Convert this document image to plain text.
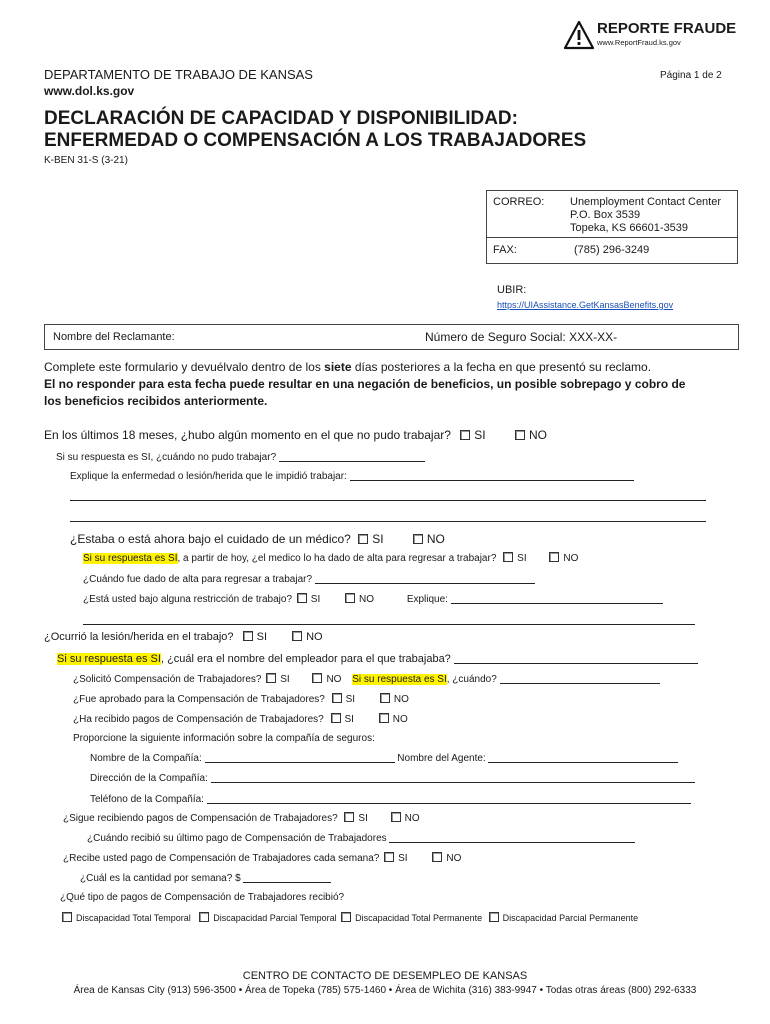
REPORTE FRAUDE
www.ReportFraud.ks.gov
DEPARTAMENTO DE TRABAJO DE KANSAS	Página 1 de 2
www.dol.ks.gov
DECLARACIÓN DE CAPACIDAD Y DISPONIBILIDAD:
ENFERMEDAD O COMPENSACIÓN A LOS TRABAJADORES
K-BEN 31-S (3-21)
CORREO: Unemployment Contact Center
P.O. Box 3539
Topeka, KS 66601-3539
FAX:	(785) 296-3249
UBIR:
https://UIAssistance.GetKansasBenefits.gov
Nombre del Reclamante:	Número de Seguro Social: XXX-XX-
Complete este formulario y devuélvalo dentro de los siete días posteriores a la fecha en que presentó su reclamo.
El no responder para esta fecha puede resultar en una negación de beneficios, un posible sobrepago y cobro de
los beneficios recibidos anteriormente.
En los últimos 18 meses, ¿hubo algún momento en el que no pudo trabajar? SI	NO
Si su respuesta es SI, ¿cuándo no pudo trabajar?
Explique la enfermedad o lesión/herida que le impidió trabajar:
¿Estaba o está ahora bajo el cuidado de un médico? SI	NO
Si su respuesta es SI, a partir de hoy, ¿el medico lo ha dado de alta para regresar a trabajar? SI	NO
¿Cuándo fue dado de alta para regresar a trabajar?
¿Está usted bajo alguna restricción de trabajo? SI	NO	Explique:
¿Ocurrió la lesión/herida en el trabajo? SI	NO
Si su respuesta es SI, ¿cuál era el nombre del empleador para el que trabajaba?
¿Solicitó Compensación de Trabajadores? SI	NO Si su respuesta es SI, ¿cuándo?
¿Fue aprobado para la Compensación de Trabajadores? SI	NO
¿Ha recibido pagos de Compensación de Trabajadores? SI	NO
Proporcione la siguiente información sobre la compañía de seguros:
Nombre de la Compañía:	Nombre del Agente:
Dirección de la Compañía:
Teléfono de la Compañía:
¿Sigue recibiendo pagos de Compensación de Trabajadores? SI	NO
¿Cuándo recibió su último pago de Compensación de Trabajadores
¿Recibe usted pago de Compensación de Trabajadores cada semana? SI	NO
¿Cuál es la cantidad por semana? $
¿Qué tipo de pagos de Compensación de Trabajadores recibió?
Discapacidad Total Temporal	Discapacidad Parcial Temporal Discapacidad Total Permanente Discapacidad Parcial Permanente
CENTRO DE CONTACTO DE DESEMPLEO DE KANSAS
Área de Kansas City (913) 596-3500 • Área de Topeka (785) 575-1460 • Área de Wichita (316) 383-9947 • Todas otras áreas (800) 292-6333
